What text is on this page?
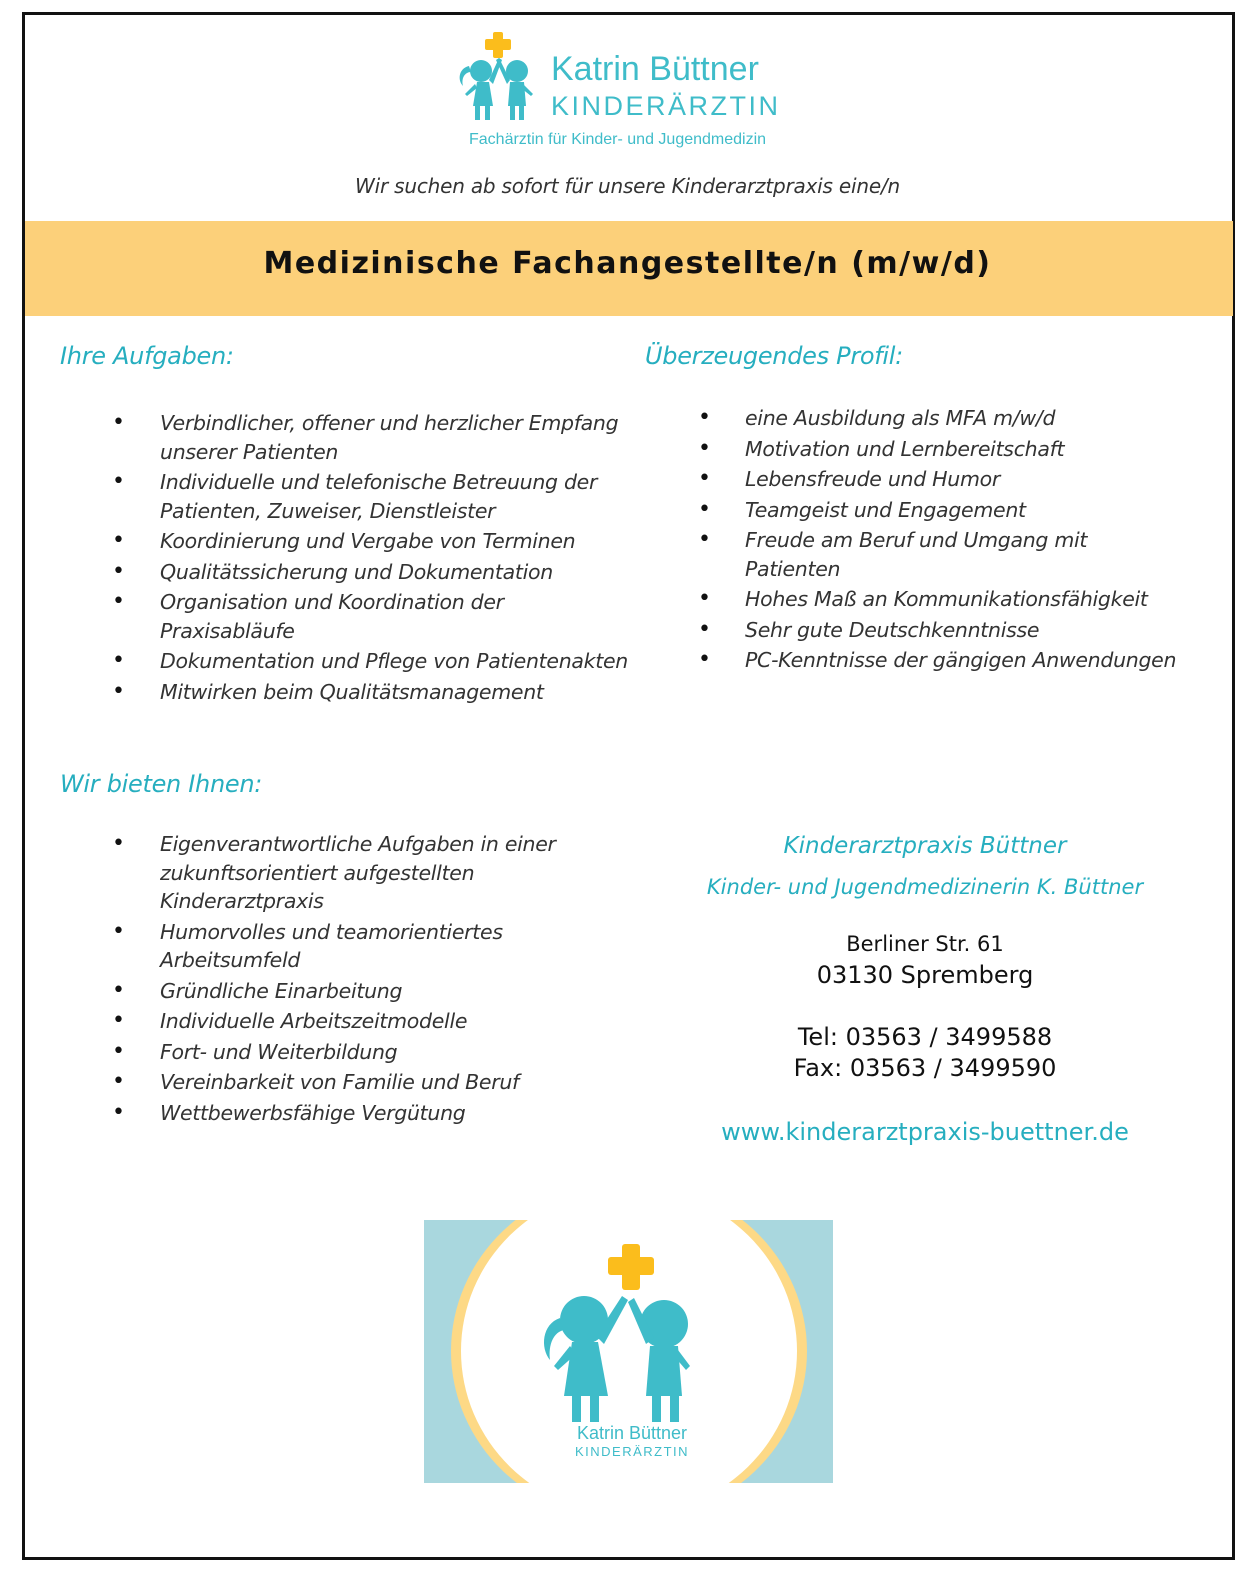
Katrin Büttner
KINDERÄRZTIN
Fachärztin für Kinder- und Jugendmedizin
Wir suchen ab sofort für unsere Kinderarztpraxis eine/n
Medizinische Fachangestellte/n (m/w/d)
Ihre Aufgaben:
• Verbindlicher, offener und herzlicher Empfang unserer Patienten
• Individuelle und telefonische Betreuung der Patienten, Zuweiser, Dienstleister
• Koordinierung und Vergabe von Terminen
• Qualitätssicherung und Dokumentation
• Organisation und Koordination der Praxisabläufe
• Dokumentation und Pflege von Patientenakten
• Mitwirken beim Qualitätsmanagement
Überzeugendes Profil:
• eine Ausbildung als MFA m/w/d
• Motivation und Lernbereitschaft
• Lebensfreude und Humor
• Teamgeist und Engagement
• Freude am Beruf und Umgang mit Patienten
• Hohes Maß an Kommunikationsfähigkeit
• Sehr gute Deutschkenntnisse
• PC-Kenntnisse der gängigen Anwendungen
Wir bieten Ihnen:
• Eigenverantwortliche Aufgaben in einer zukunftsorientiert aufgestellten Kinderarztpraxis
• Humorvolles und teamorientiertes Arbeitsumfeld
• Gründliche Einarbeitung
• Individuelle Arbeitszeitmodelle
• Fort- und Weiterbildung
• Vereinbarkeit von Familie und Beruf
• Wettbewerbsfähige Vergütung
Kinderarztpraxis Büttner
Kinder- und Jugendmedizinerin K. Büttner
Berliner Str. 61
03130 Spremberg
Tel: 03563 / 3499588
Fax: 03563 / 3499590
www.kinderarztpraxis-buettner.de
Katrin Büttner
KINDERÄRZTIN
